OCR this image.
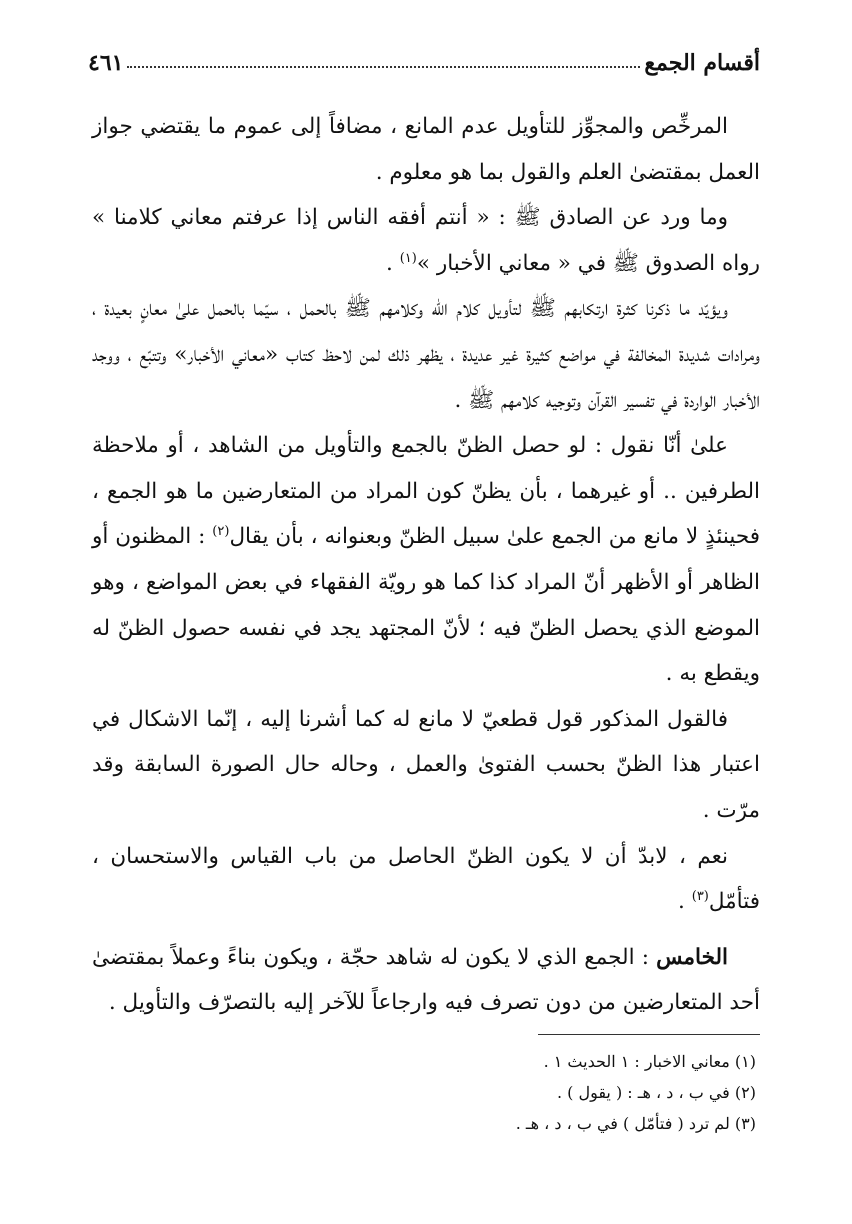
أقسام الجمع
٤٦١

المرخِّص والمجوِّز للتأويل عدم المانع ، مضافاً إلى عموم ما يقتضي جواز العمل بمقتضىٰ العلم والقول بما هو معلوم .

وما ورد عن الصادق ﷺ : « أنتم أفقه الناس إذا عرفتم معاني كلامنا » رواه الصدوق ﷺ في « معاني الأخبار »$^{(١)}$ .

ويؤيّد ما ذكرنا كثرة ارتكابهم ﷺ لتأويل كلام الله وكلامهم ﷺ بالحمل ، سيّما بالحمل علىٰ معانٍ بعيدة ، ومرادات شديدة المخالفة في مواضع كثيرة غير عديدة ، يظهر ذلك لمن لاحظ كتاب «معاني الأخبار» وتتبّع ، ووجد الأخبار الواردة في تفسير القرآن وتوجيه كلامهم ﷺ .

علىٰ أنّا نقول : لو حصل الظنّ بالجمع والتأويل من الشاهد ، أو ملاحظة الطرفين .. أو غيرهما ، بأن يظنّ كون المراد من المتعارضين ما هو الجمع ، فحينئذٍ لا مانع من الجمع علىٰ سبيل الظنّ وبعنوانه ، بأن يقال$^{(٢)}$ : المظنون أو الظاهر أو الأظهر أنّ المراد كذا كما هو رويّة الفقهاء في بعض المواضع ، وهو الموضع الذي يحصل الظنّ فيه ؛ لأنّ المجتهد يجد في نفسه حصول الظنّ له ويقطع به .

فالقول المذكور قول قطعيّ لا مانع له كما أشرنا إليه ، إنّما الاشكال في اعتبار هذا الظنّ بحسب الفتوىٰ والعمل ، وحاله حال الصورة السابقة وقد مرّت .

نعم ، لابدّ أن لا يكون الظنّ الحاصل من باب القياس والاستحسان ، فتأمّل$^{(٣)}$ .

الخامس : الجمع الذي لا يكون له شاهد حجّة ، ويكون بناءً وعملاً بمقتضىٰ أحد المتعارضين من دون تصرف فيه وارجاعاً للآخر إليه بالتصرّف والتأويل .

(١) معاني الاخبار : ١ الحديث ١ .

(٢) في ب ، د ، هـ : ( يقول ) .

(٣) لم ترد ( فتأمّل ) في ب ، د ، هـ .
